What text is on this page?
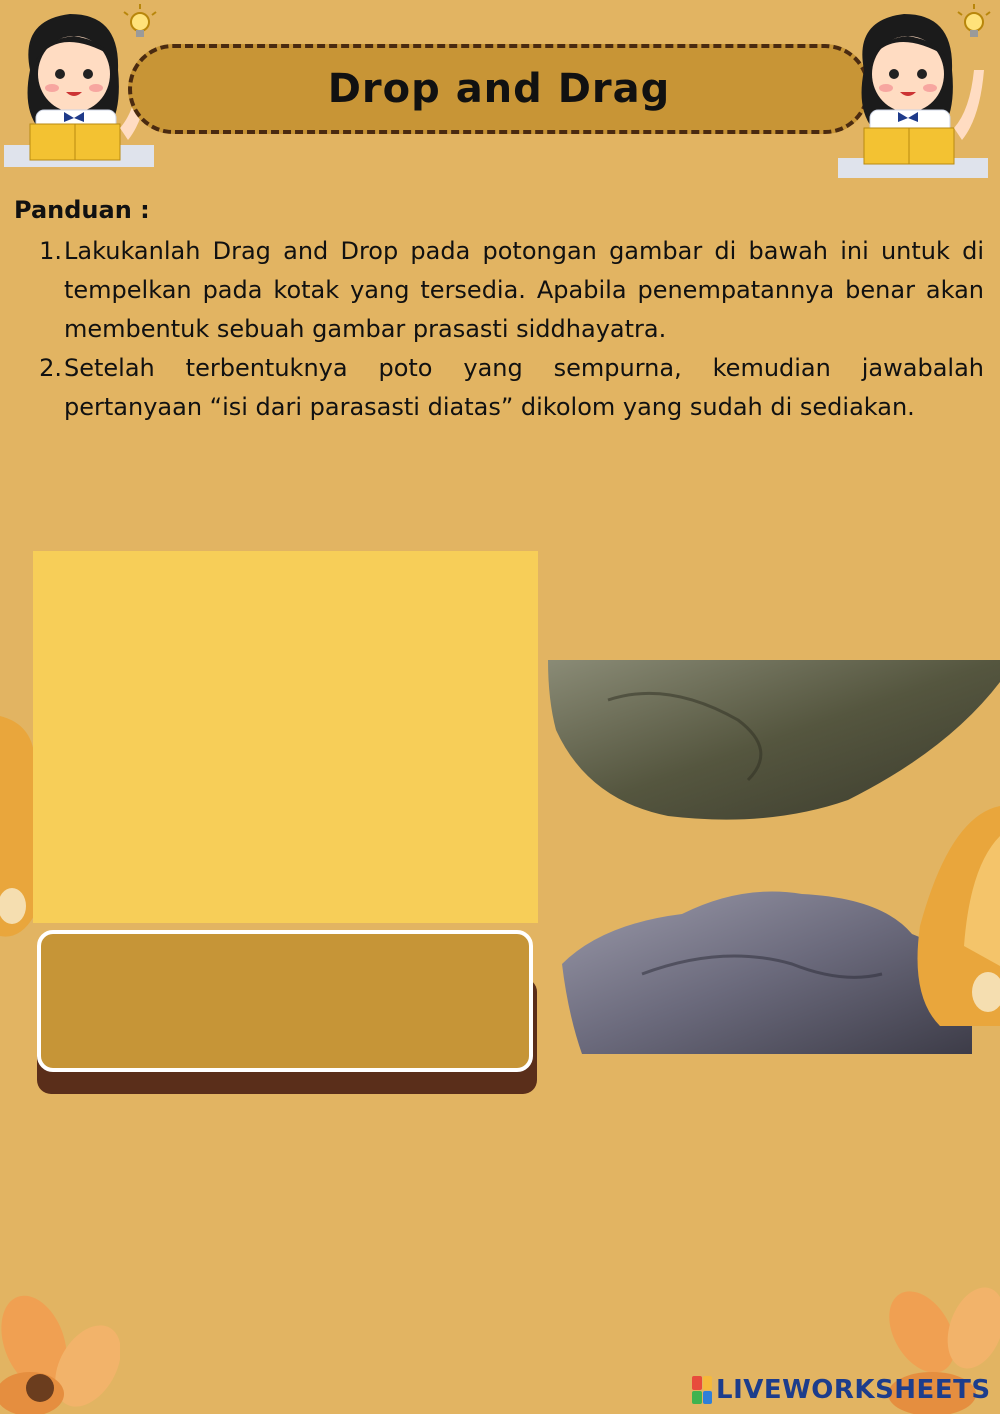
Drop and Drag
Panduan :
1. Lakukanlah Drag and Drop pada potongan gambar di bawah ini untuk di tempelkan pada kotak yang tersedia. Apabila penempatannya benar akan membentuk sebuah gambar prasasti siddhayatra.
2. Setelah terbentuknya poto yang sempurna, kemudian jawabalah pertanyaan “isi dari parasasti diatas” dikolom yang sudah di sediakan.
LIVEWORKSHEETS
